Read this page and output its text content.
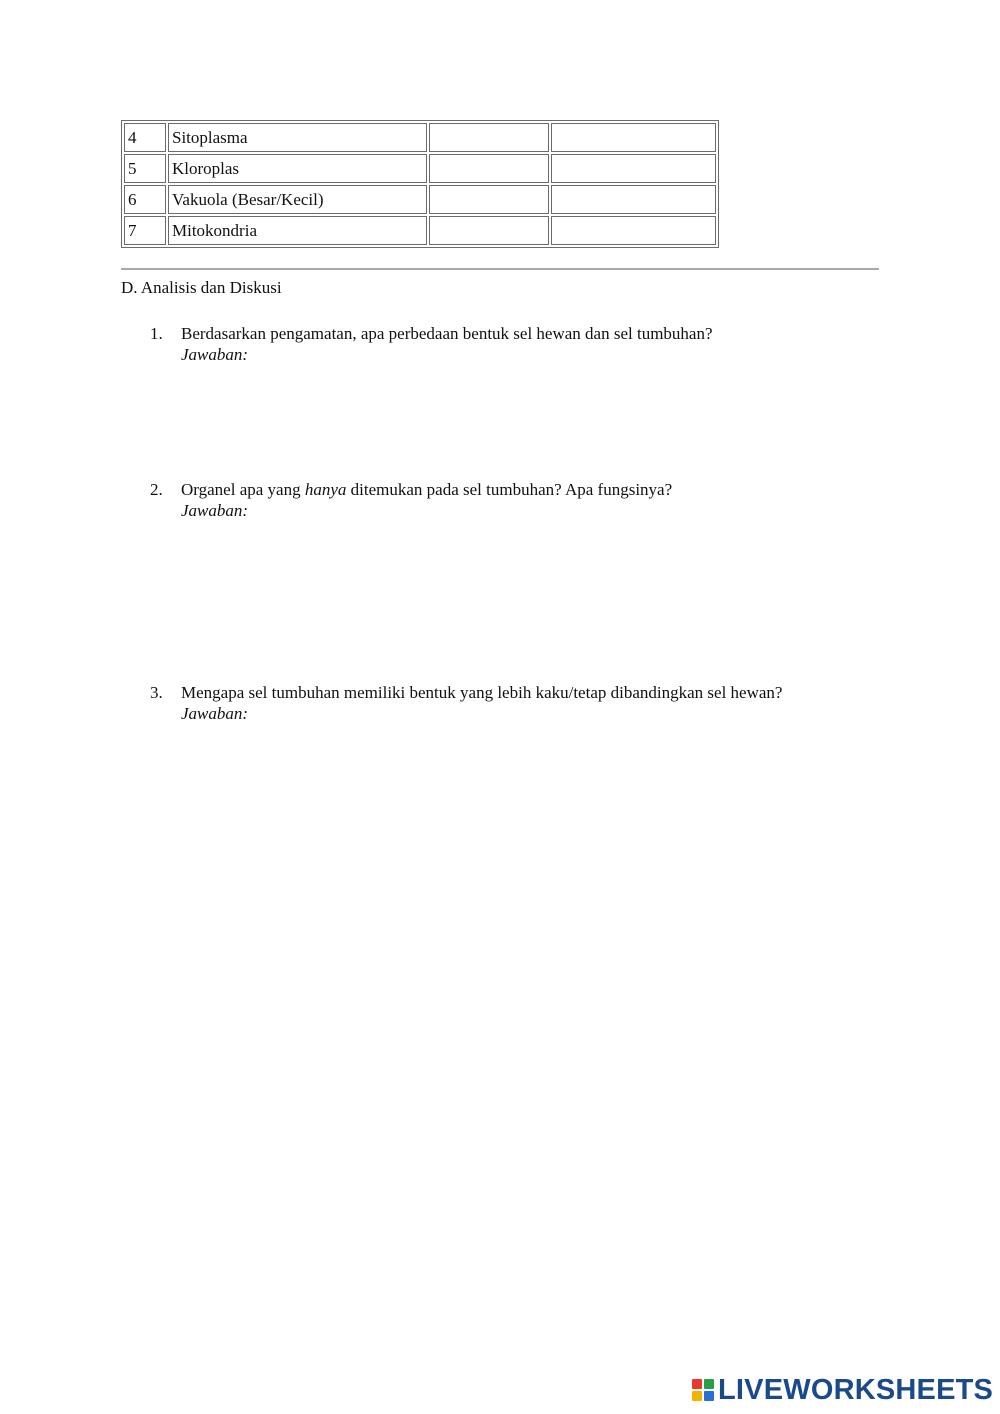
4	Sitoplasma		
5	Kloroplas		
6	Vakuola (Besar/Kecil)		
7	Mitokondria		
D. Analisis dan Diskusi
1.	Berdasarkan pengamatan, apa perbedaan bentuk sel hewan dan sel tumbuhan?
Jawaban:
2.	Organel apa yang hanya ditemukan pada sel tumbuhan? Apa fungsinya?
Jawaban:
3.	Mengapa sel tumbuhan memiliki bentuk yang lebih kaku/tetap dibandingkan sel hewan?
Jawaban:
LIVEWORKSHEETS
